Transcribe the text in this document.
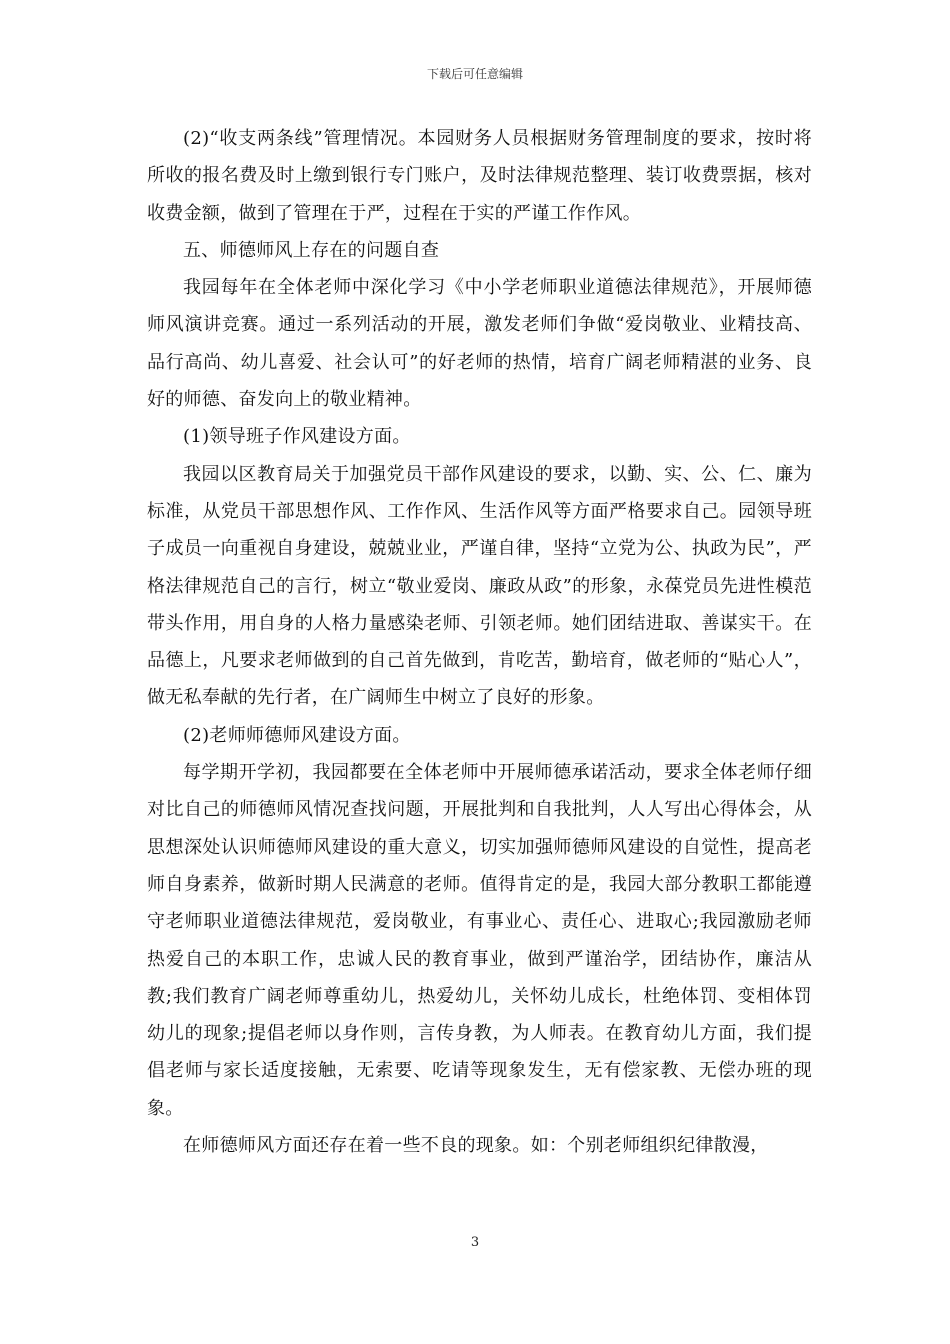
下载后可任意编辑

(2)“收支两条线”管理情况。本园财务人员根据财务管理制度的要求，按时将所收的报名费及时上缴到银行专门账户，及时法律规范整理、装订收费票据，核对收费金额，做到了管理在于严，过程在于实的严谨工作作风。

五、师德师风上存在的问题自查

我园每年在全体老师中深化学习《中小学老师职业道德法律规范》，开展师德师风演讲竞赛。通过一系列活动的开展，激发老师们争做“爱岗敬业、业精技高、品行高尚、幼儿喜爱、社会认可”的好老师的热情，培育广阔老师精湛的业务、良好的师德、奋发向上的敬业精神。

(1)领导班子作风建设方面。

我园以区教育局关于加强党员干部作风建设的要求，以勤、实、公、仁、廉为标准，从党员干部思想作风、工作作风、生活作风等方面严格要求自己。园领导班子成员一向重视自身建设，兢兢业业，严谨自律，坚持“立党为公、执政为民”，严格法律规范自己的言行，树立“敬业爱岗、廉政从政”的形象，永葆党员先进性模范带头作用，用自身的人格力量感染老师、引领老师。她们团结进取、善谋实干。在品德上，凡要求老师做到的自己首先做到，肯吃苦，勤培育，做老师的“贴心人”，做无私奉献的先行者，在广阔师生中树立了良好的形象。

(2)老师师德师风建设方面。

每学期开学初，我园都要在全体老师中开展师德承诺活动，要求全体老师仔细对比自己的师德师风情况查找问题，开展批判和自我批判，人人写出心得体会，从思想深处认识师德师风建设的重大意义，切实加强师德师风建设的自觉性，提高老师自身素养，做新时期人民满意的老师。值得肯定的是，我园大部分教职工都能遵守老师职业道德法律规范，爱岗敬业，有事业心、责任心、进取心;我园激励老师热爱自己的本职工作，忠诚人民的教育事业，做到严谨治学，团结协作，廉洁从教;我们教育广阔老师尊重幼儿，热爱幼儿，关怀幼儿成长，杜绝体罚、变相体罚幼儿的现象;提倡老师以身作则，言传身教，为人师表。在教育幼儿方面，我们提倡老师与家长适度接触，无索要、吃请等现象发生，无有偿家教、无偿办班的现象。

在师德师风方面还存在着一些不良的现象。如：个别老师组织纪律散漫，

3
